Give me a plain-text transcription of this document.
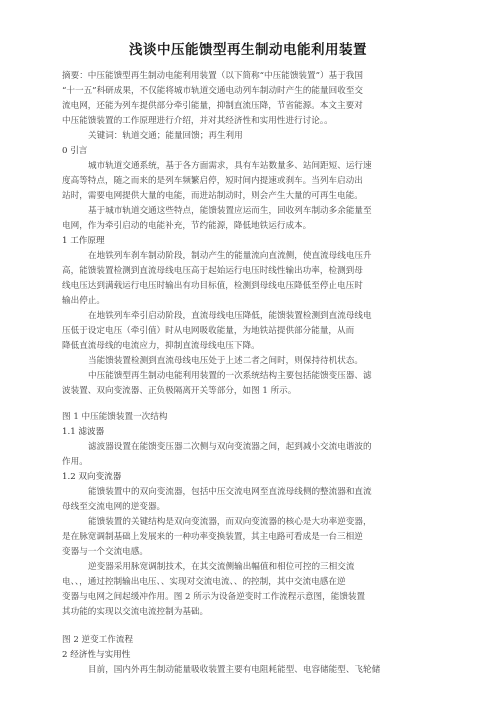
浅谈中压能馈型再生制动电能利用装置
摘要：中压能馈型再生制动电能利用装置（以下简称“中压能馈装置”）基于我国
“十一五”科研成果，不仅能将城市轨道交通电动列车制动时产生的能量回收至交
流电网，还能为列车提供部分牵引能量，抑制直流压降，节省能源。本文主要对
中压能馈装置的工作原理进行介绍，并对其经济性和实用性进行讨论。。
关键词：轨道交通；能量回馈；再生利用
0 引言
城市轨道交通系统，基于各方面需求，具有车站数量多、站间距短、运行速
度高等特点，随之而来的是列车频繁启停，短时间内提速或刹车。当列车启动出
站时，需要电网提供大量的电能，而进站制动时，则会产生大量的可再生电能。
基于城市轨道交通这些特点，能馈装置应运而生，回收列车制动多余能量至
电网，作为牵引启动的电能补充，节约能源，降低地铁运行成本。
1 工作原理
在地铁列车刹车制动阶段，制动产生的能量流向直流侧，使直流母线电压升
高，能馈装置检测到直流母线电压高于起始运行电压时线性输出功率，检测到母
线电压达到满载运行电压时输出有功目标值，检测到母线电压降低至停止电压时
输出停止。
在地铁列车牵引启动阶段，直流母线电压降低，能馈装置检测到直流母线电
压低于设定电压（牵引值）时从电网吸收能量，为地铁站提供部分能量，从而
降低直流母线的电流应力，抑制直流母线电压下降。
当能馈装置检测到直流母线电压处于上述二者之间时，则保持待机状态。
中压能馈型再生制动电能利用装置的一次系统结构主要包括能馈变压器、滤
波装置、双向变流器、正负极隔离开关等部分，如图 1 所示。
图 1 中压能馈装置一次结构
1.1 滤波器
滤波器设置在能馈变压器二次侧与双向变流器之间，起到减小交流电谐波的
作用。
1.2 双向变流器
能馈装置中的双向变流器，包括中压交流电网至直流母线侧的整流器和直流
母线至交流电网的逆变器。
能馈装置的关键结构是双向变流器，而双向变流器的核心是大功率逆变器，
是在脉宽调制基础上发展来的一种功率变换装置，其主电路可看成是一台三相逆
变器与一个交流电感。
逆变器采用脉宽调制技术，在其交流侧输出幅值和相位可控的三相交流
电、、，通过控制输出电压、、实现对交流电流、、的控制，其中交流电感在逆
变器与电网之间起缓冲作用。图 2 所示为设备逆变时工作流程示意图，能馈装置
其功能的实现以交流电流控制为基础。
图 2 逆变工作流程
2 经济性与实用性
目前，国内外再生制动能量吸收装置主要有电阻耗能型、电容储能型、飞轮储
